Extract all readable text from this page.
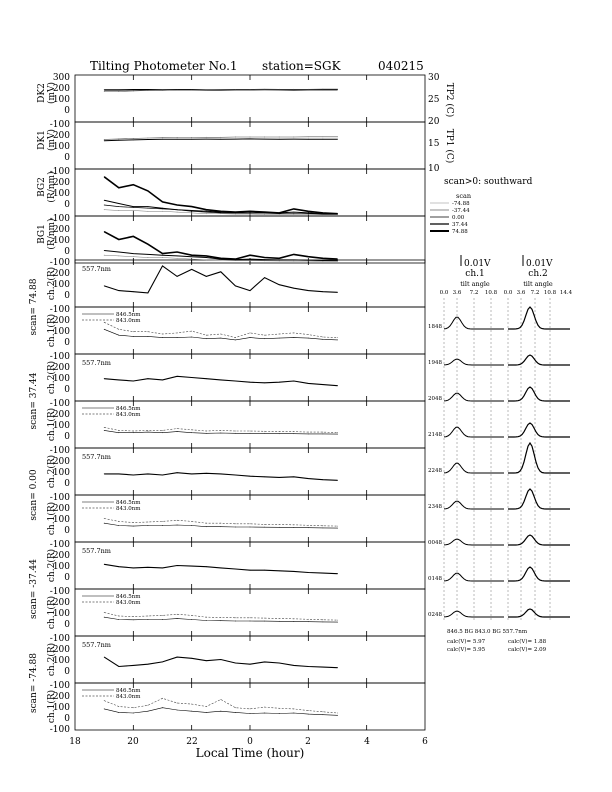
Tilting Photometer No.1 station=SGK	040215
18	20	22	0	2	4	6
Local Time (hour)
DK2 (mV)
300
200
100
0
DK1 (mV)
-100
200
100
0
BG2 (R/nm)
-100
200
100
0
BG1 (R/nm)
-100
200
100
0
30
25
20
15
10
TP2 (C)
TP1 (C)
scan>0: southward
scan
-74.88
-37.44
0.00
37.44
74.88
scan= 74.88 ch.2(R)
ch.1(R)
557.7nm
846.5nm
843.0nm
-100
200
100
0
-100
200
100
0
scan= 37.44 ch.2(R)
ch.1(R)
557.7nm
846.5nm
843.0nm
-100
200
100
0
-100
200
100
0
scan= 0.00 ch.2(R)
ch.1(R)
557.7nm
846.5nm
843.0nm
-100
200
100
0
-100
200
100
0
scan= -37.44 ch.2(R)
ch.1(R)
557.7nm
846.5nm
843.0nm
-100
200
100
0
-100
200
100
0
scan= -74.88 ch.2(R)
ch.1(R)
557.7nm
846.5nm
843.0nm
-100
200
100
0
-100
200
100
0
-100
0.01V	0.01V
ch.1	ch.2
tilt angle	tilt angle
0.0 3.6 7.2 10.8 0.0 3.6 7.2 10.8 14.4
1848
1948
2048
2148
2248
2348
0048
0148
0248
846.5 BG 843.0 BG 557.7nm
calc(V)= 5.97
calc(V)= 5.95
calc(V)= 1.88
calc(V)= 2.09
